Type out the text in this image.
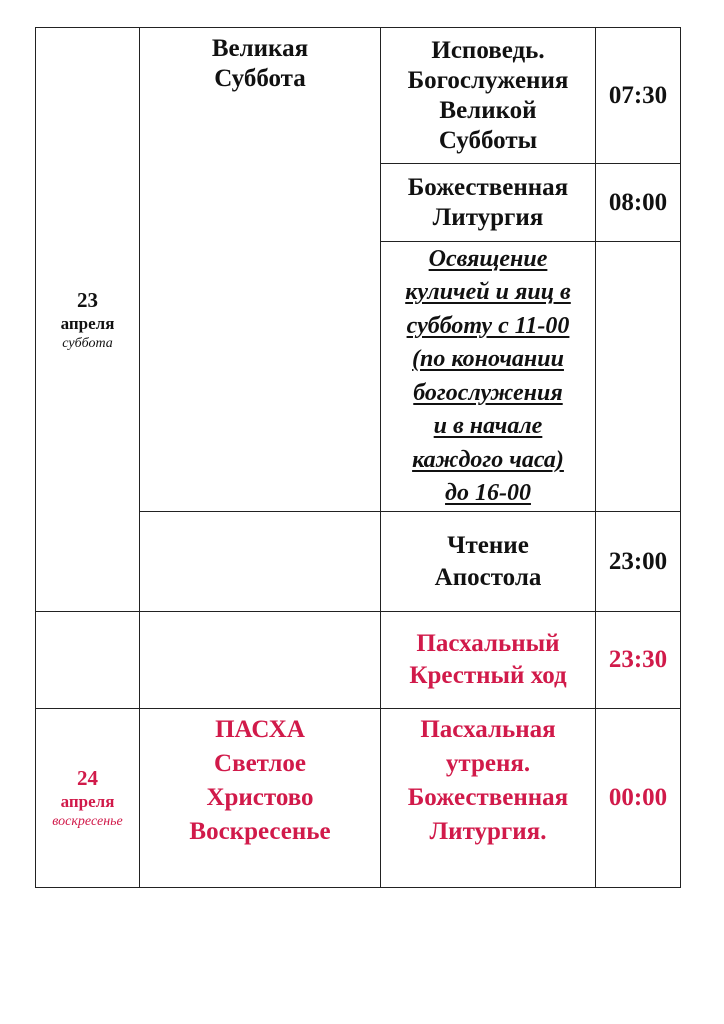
23
апреля
суббота
24
апреля
воскресенье
Великая
Суббота
ПАСХА
Светлое
Христово
Воскресенье
Исповедь.
Богослужения
Великой
Субботы
Божественная
Литургия
Освящение
куличей и яиц в
субботу с 11-00
(по коночании
богослужения
и в начале
каждого часа)
до 16-00
Чтение
Апостола
Пасхальный
Крестный ход
Пасхальная
утреня.
Божественная
Литургия.
07:30
08:00
23:00
23:30
00:00
